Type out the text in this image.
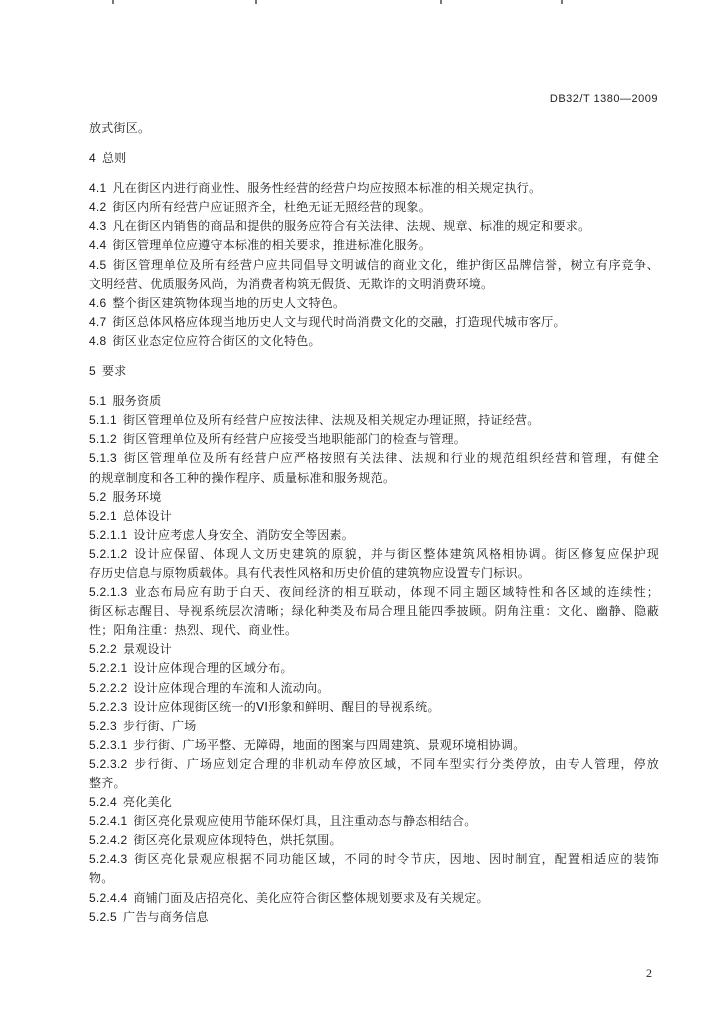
DB32/T 1380—2009
放式街区。
4 总则
4.1 凡在街区内进行商业性、服务性经营的经营户均应按照本标准的相关规定执行。
4.2 街区内所有经营户应证照齐全，杜绝无证无照经营的现象。
4.3 凡在街区内销售的商品和提供的服务应符合有关法律、法规、规章、标准的规定和要求。
4.4 街区管理单位应遵守本标准的相关要求，推进标准化服务。
4.5 街区管理单位及所有经营户应共同倡导文明诚信的商业文化，维护街区品牌信誉，树立有序竞争、
文明经营、优质服务风尚，为消费者构筑无假货、无欺诈的文明消费环境。
4.6 整个街区建筑物体现当地的历史人文特色。
4.7 街区总体风格应体现当地历史人文与现代时尚消费文化的交融，打造现代城市客厅。
4.8 街区业态定位应符合街区的文化特色。
5 要求
5.1 服务资质
5.1.1 街区管理单位及所有经营户应按法律、法规及相关规定办理证照，持证经营。
5.1.2 街区管理单位及所有经营户应接受当地职能部门的检查与管理。
5.1.3 街区管理单位及所有经营户应严格按照有关法律、法规和行业的规范组织经营和管理，有健全
的规章制度和各工种的操作程序、质量标准和服务规范。
5.2 服务环境
5.2.1 总体设计
5.2.1.1 设计应考虑人身安全、消防安全等因素。
5.2.1.2 设计应保留、体现人文历史建筑的原貌，并与街区整体建筑风格相协调。街区修复应保护现
存历史信息与原物质载体。具有代表性风格和历史价值的建筑物应设置专门标识。
5.2.1.3 业态布局应有助于白天、夜间经济的相互联动，体现不同主题区域特性和各区域的连续性；
街区标志醒目、导视系统层次清晰；绿化种类及布局合理且能四季披顾。阴角注重：文化、幽静、隐蔽
性；阳角注重：热烈、现代、商业性。
5.2.2 景观设计
5.2.2.1 设计应体现合理的区域分布。
5.2.2.2 设计应体现合理的车流和人流动向。
5.2.2.3 设计应体现街区统一的VI形象和鲜明、醒目的导视系统。
5.2.3 步行街、广场
5.2.3.1 步行街、广场平整、无障碍，地面的图案与四周建筑、景观环境相协调。
5.2.3.2 步行街、广场应划定合理的非机动车停放区域，不同车型实行分类停放，由专人管理，停放
整齐。
5.2.4 亮化美化
5.2.4.1 街区亮化景观应使用节能环保灯具，且注重动态与静态相结合。
5.2.4.2 街区亮化景观应体现特色，烘托氛围。
5.2.4.3 街区亮化景观应根据不同功能区域，不同的时令节庆，因地、因时制宜，配置相适应的装饰
物。
5.2.4.4 商铺门面及店招亮化、美化应符合街区整体规划要求及有关规定。
5.2.5 广告与商务信息
2
